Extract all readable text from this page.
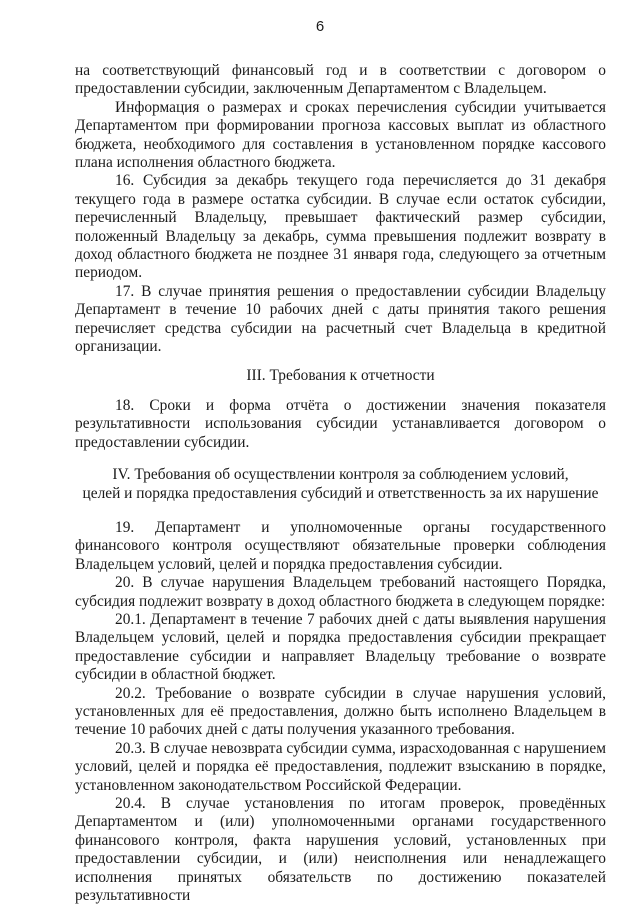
6

на соответствующий финансовый год и в соответствии с договором о предоставлении субсидии, заключенным Департаментом с Владельцем.

Информация о размерах и сроках перечисления субсидии учитывается Департаментом при формировании прогноза кассовых выплат из областного бюджета, необходимого для составления в установленном порядке кассового плана исполнения областного бюджета.

16. Субсидия за декабрь текущего года перечисляется до 31 декабря текущего года в размере остатка субсидии. В случае если остаток субсидии, перечисленный Владельцу, превышает фактический размер субсидии, положенный Владельцу за декабрь, сумма превышения подлежит возврату в доход областного бюджета не позднее 31 января года, следующего за отчетным периодом.

17. В случае принятия решения о предоставлении субсидии Владельцу Департамент в течение 10 рабочих дней с даты принятия такого решения перечисляет средства субсидии на расчетный счет Владельца в кредитной организации.

III. Требования к отчетности

18. Сроки и форма отчёта о достижении значения показателя результативности использования субсидии устанавливается договором о предоставлении субсидии.

IV. Требования об осуществлении контроля за соблюдением условий,
целей и порядка предоставления субсидий и ответственность за их нарушение

19. Департамент и уполномоченные органы государственного финансового контроля осуществляют обязательные проверки соблюдения Владельцем условий, целей и порядка предоставления субсидии.

20. В случае нарушения Владельцем требований настоящего Порядка, субсидия подлежит возврату в доход областного бюджета в следующем порядке:

20.1. Департамент в течение 7 рабочих дней с даты выявления нарушения Владельцем условий, целей и порядка предоставления субсидии прекращает предоставление субсидии и направляет Владельцу требование о возврате субсидии в областной бюджет.

20.2. Требование о возврате субсидии в случае нарушения условий, установленных для её предоставления, должно быть исполнено Владельцем в течение 10 рабочих дней с даты получения указанного требования.

20.3. В случае невозврата субсидии сумма, израсходованная с нарушением условий, целей и порядка её предоставления, подлежит взысканию в порядке, установленном законодательством Российской Федерации.

20.4. В случае установления по итогам проверок, проведённых Департаментом и (или) уполномоченными органами государственного финансового контроля, факта нарушения условий, установленных при предоставлении субсидии, и (или) неисполнения или ненадлежащего исполнения принятых обязательств по достижению показателей результативности
